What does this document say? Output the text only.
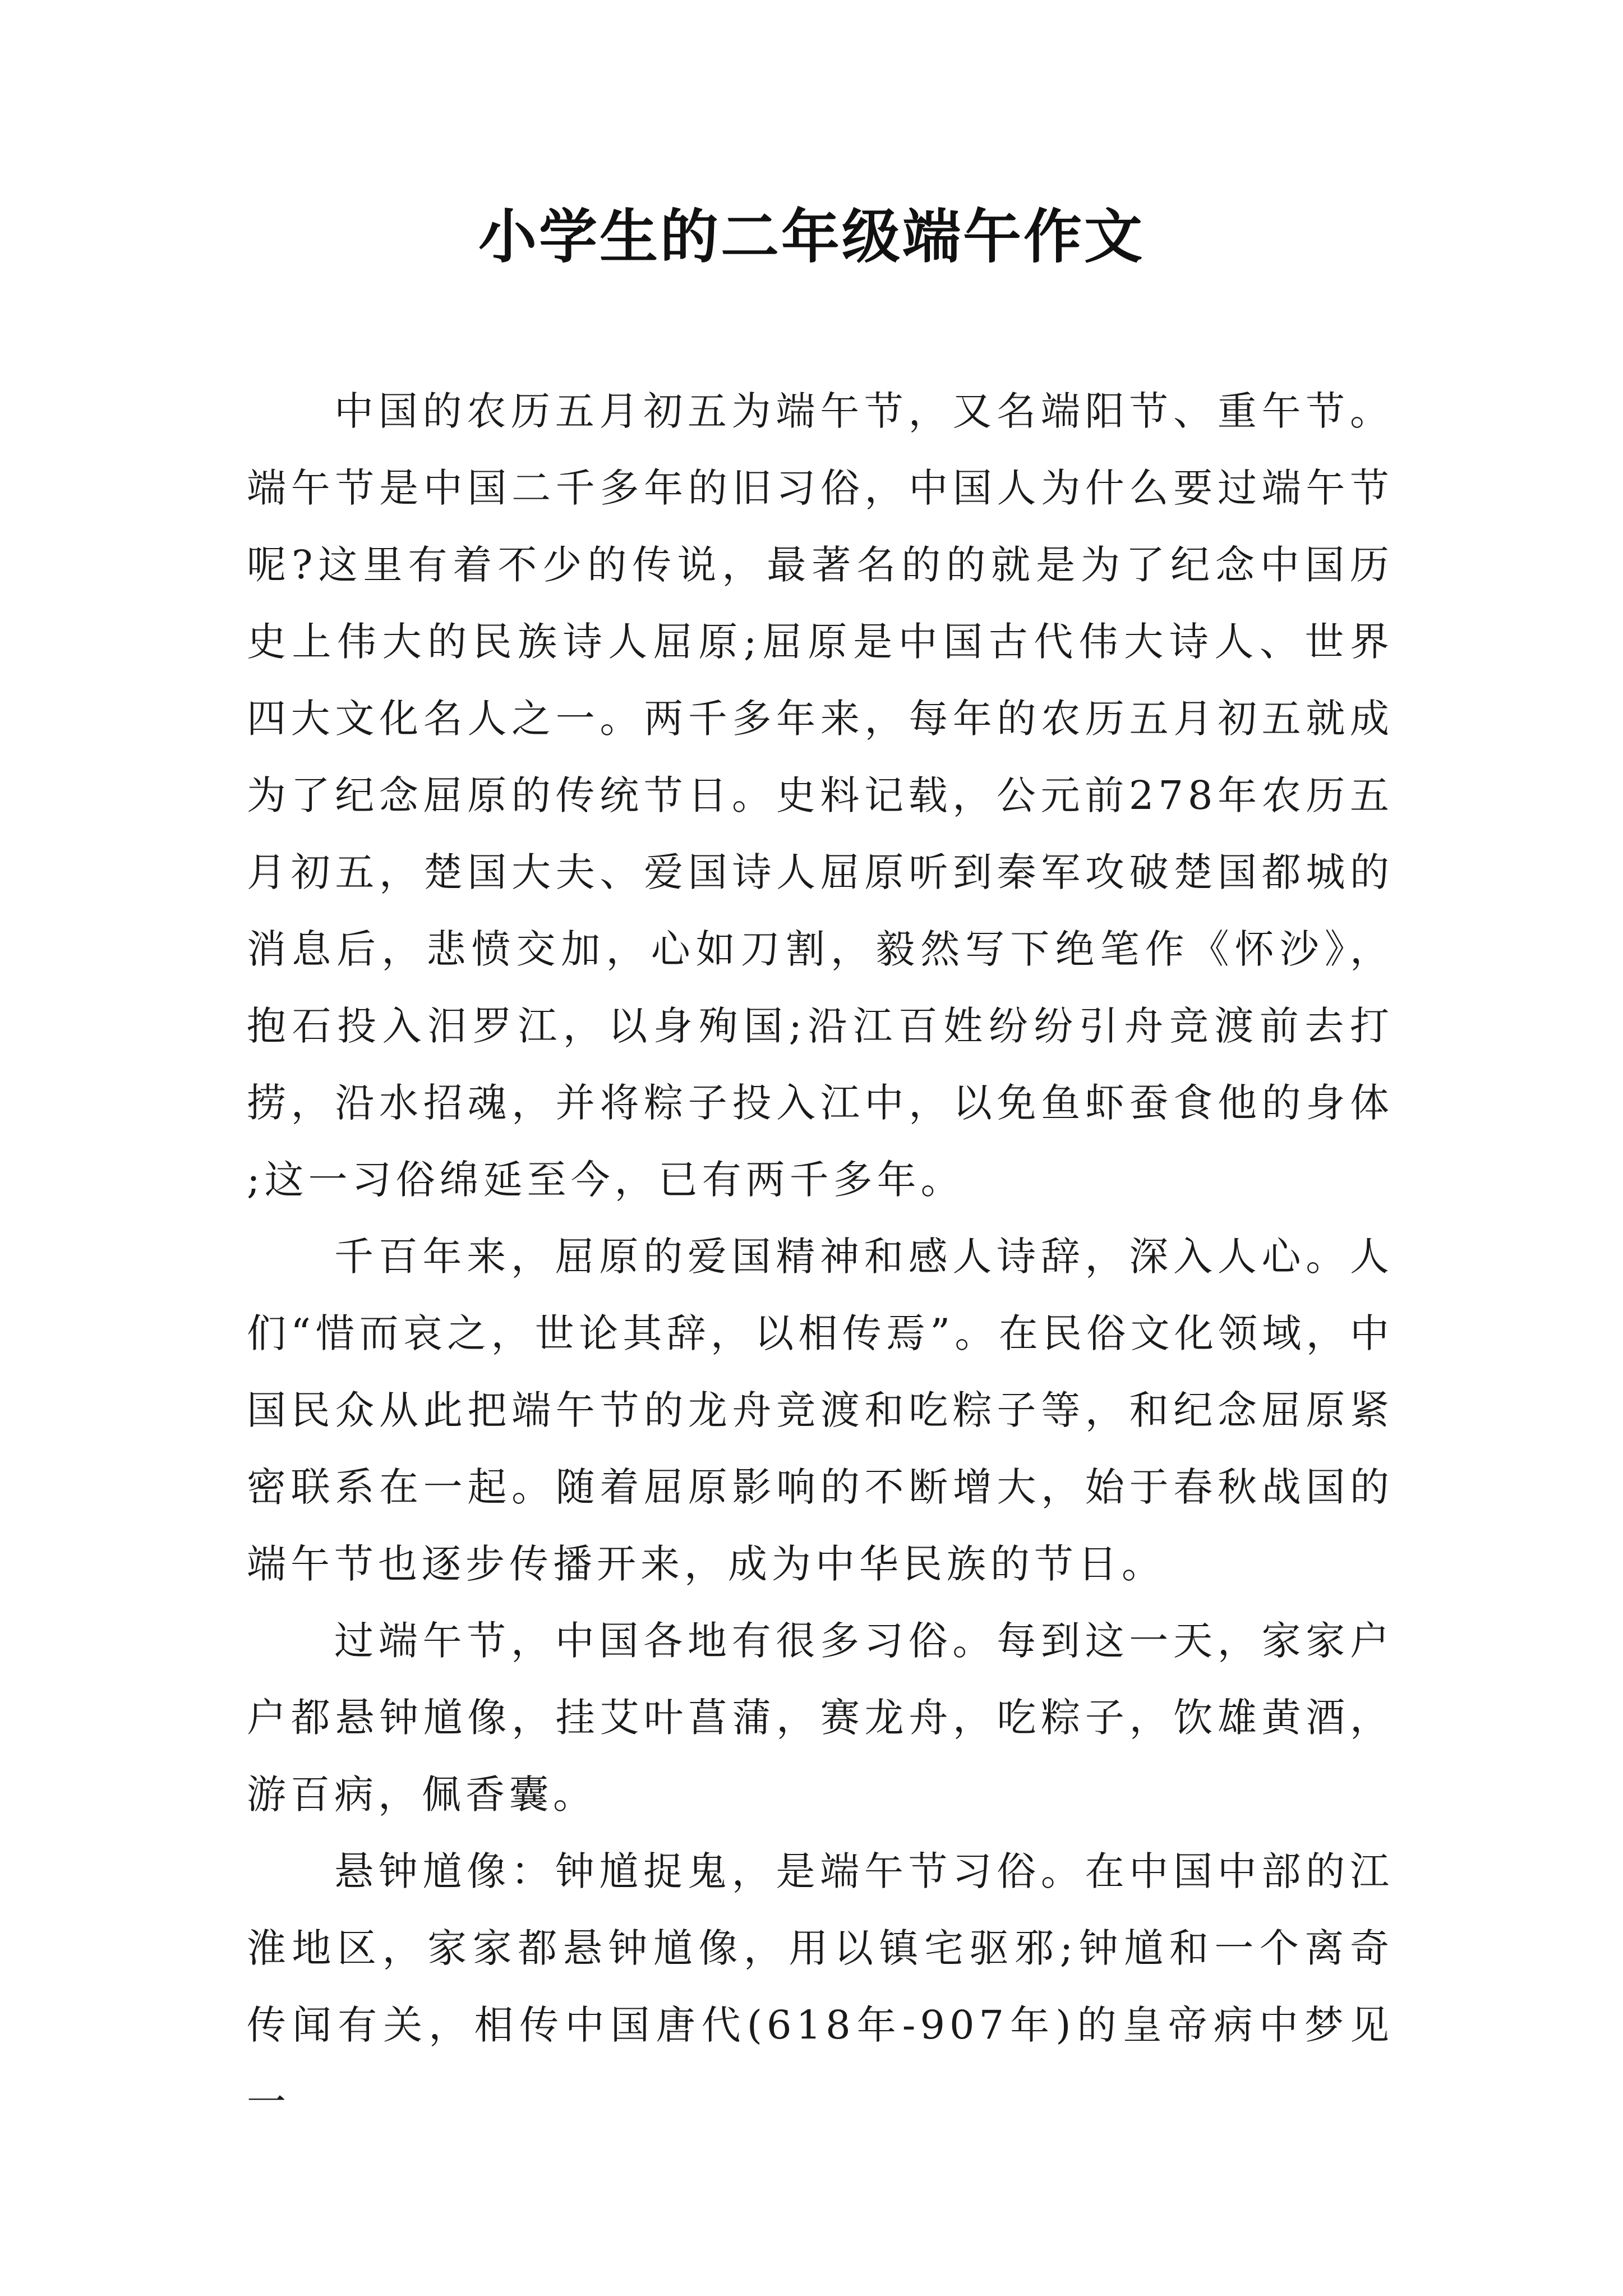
小学生的二年级端午作文

中国的农历五月初五为端午节，又名端阳节、重午节。端午节是中国二千多年的旧习俗，中国人为什么要过端午节呢?这里有着不少的传说，最著名的的就是为了纪念中国历史上伟大的民族诗人屈原;屈原是中国古代伟大诗人、世界四大文化名人之一。两千多年来，每年的农历五月初五就成为了纪念屈原的传统节日。史料记载，公元前278年农历五月初五，楚国大夫、爱国诗人屈原听到秦军攻破楚国都城的消息后，悲愤交加，心如刀割，毅然写下绝笔作《怀沙》，抱石投入汨罗江，以身殉国;沿江百姓纷纷引舟竞渡前去打捞，沿水招魂，并将粽子投入江中，以免鱼虾蚕食他的身体;这一习俗绵延至今，已有两千多年。

千百年来，屈原的爱国精神和感人诗辞，深入人心。人们“惜而哀之，世论其辞，以相传焉”。在民俗文化领域，中国民众从此把端午节的龙舟竞渡和吃粽子等，和纪念屈原紧密联系在一起。随着屈原影响的不断增大，始于春秋战国的端午节也逐步传播开来，成为中华民族的节日。

过端午节，中国各地有很多习俗。每到这一天，家家户户都悬钟馗像，挂艾叶菖蒲，赛龙舟，吃粽子，饮雄黄酒，游百病，佩香囊。

悬钟馗像：钟馗捉鬼，是端午节习俗。在中国中部的江淮地区，家家都悬钟馗像，用以镇宅驱邪;钟馗和一个离奇传闻有关，相传中国唐代(618年-907年)的皇帝病中梦见一
